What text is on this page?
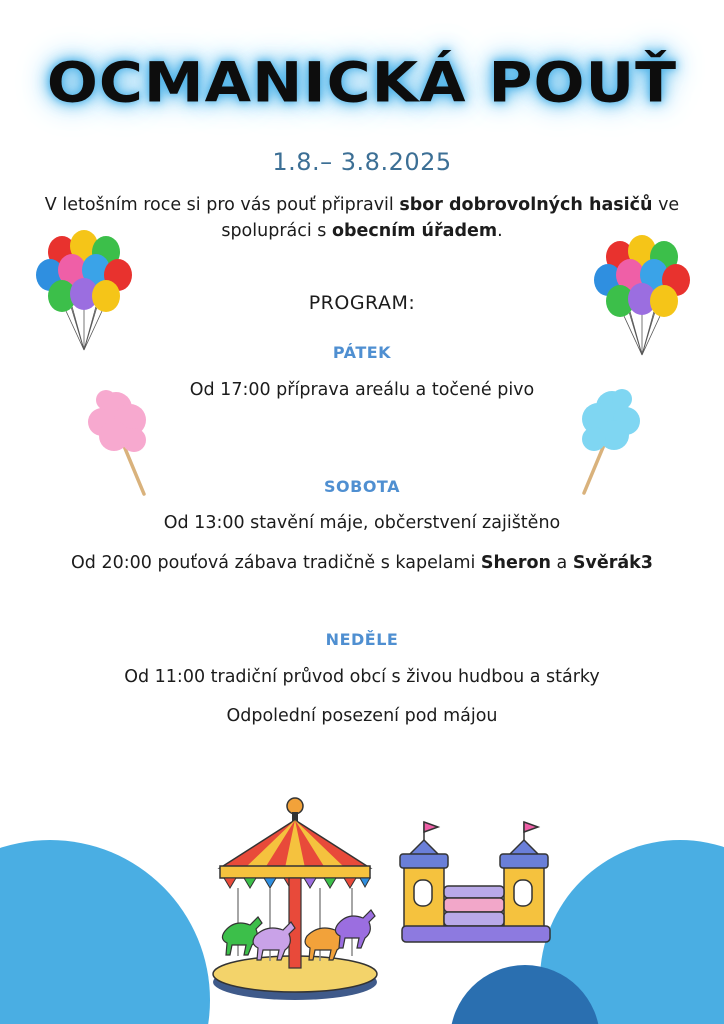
OCMANICKÁ POUŤ
1.8.– 3.8.2025
V letošním roce si pro vás pouť připravil sbor dobrovolných hasičů ve spolupráci s obecním úřadem.
PROGRAM:
PÁTEK
Od 17:00 příprava areálu a točené pivo
SOBOTA
Od 13:00 stavění máje, občerstvení zajištěno
Od 20:00 pouťová zábava tradičně s kapelami Sheron a Svěrák3
NEDĚLE
Od 11:00 tradiční průvod obcí s živou hudbou a stárky
Odpolední posezení pod májou
